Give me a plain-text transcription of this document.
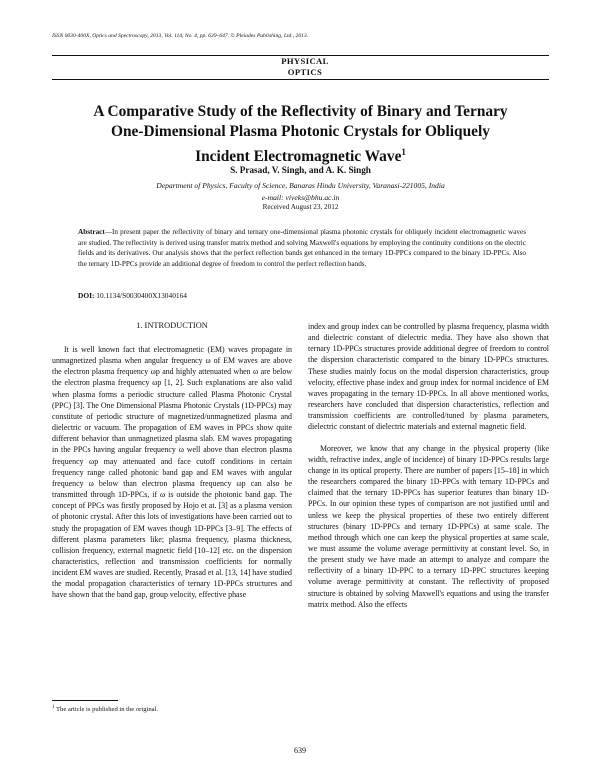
ISSN 0030-400X, Optics and Spectroscopy, 2013, Vol. 114, No. 4, pp. 639–647. © Pleiades Publishing, Ltd., 2013.
PHYSICAL
OPTICS
A Comparative Study of the Reflectivity of Binary and Ternary
One-Dimensional Plasma Photonic Crystals for Obliquely
Incident Electromagnetic Wave$^1$
S. Prasad, V. Singh, and A. K. Singh
Department of Physics, Faculty of Science, Banaras Hindu University, Varanasi-221005, India
e-mail: viveks@bhu.ac.in
Received August 23, 2012
Abstract—In present paper the reflectivity of binary and ternary one-dimensional plasma photonic crystals for obliquely incident electromagnetic waves are studied. The reflectivity is derived using transfer matrix method and solving Maxwell's equations by employing the continuity conditions on the electric fields and its derivatives. Our analysis shows that the perfect reflection bands get enhanced in the ternary 1D-PPCs compared to the binary 1D-PPCs. Also the ternary 1D-PPCs provide an additional degree of freedom to control the perfect reflection bands.
DOI: 10.1134/S0030400X13040164
1. INTRODUCTION

It is well known fact that electromagnetic (EM) waves propagate in unmagnetized plasma when angular frequency ω of EM waves are above the electron plasma frequency ωp and highly attenuated when ω are below the electron plasma frequency ωp [1, 2]. Such explanations are also valid when plasma forms a periodic structure called Plasma Photonic Crystal (PPC) [3]. The One Dimensional Plasma Photonic Crystals (1D-PPCs) may constitute of periodic structure of magnetized/unmagnetized plasma and dielectric or vacuum. The propagation of EM waves in PPCs show quite different behavior than unmagnetized plasma slab. EM waves propagating in the PPCs having angular frequency ω well above than electron plasma frequency ωp may attenuated and face cutoff conditions in certain frequency range called photonic band gap and EM waves with angular frequency ω below than electron plasma frequency ωp can also be transmitted through 1D-PPCs, if ω is outside the photonic band gap. The concept of PPCs was firstly proposed by Hojo et at. [3] as a plasma version of photonic crystal. After this lots of investigations have been carried out to study the propagation of EM waves though 1D-PPCs [3–9]. The effects of different plasma parameters like; plasma frequency, plasma thickness, collision frequency, external magnetic field [10–12] etc. on the dispersion characteristics, reflection and transmission coefficients for normally incident EM waves are studied. Recently, Prasad et al. [13, 14] have studied the modal propagation characteristics of ternary 1D-PPCs structures and have shown that the band gap, group velocity, effective phase

index and group index can be controlled by plasma frequency, plasma width and dielectric constant of dielectric media. They have also shown that ternary 1D-PPCs structures provide additional degree of freedom to control the dispersion characteristic compared to the binary 1D-PPCs structures. These studies mainly focus on the modal dispersion characteristics, group velocity, effective phase index and group index for normal incidence of EM waves propagating in the ternary 1D-PPCs. In all above mentioned works, researchers have concluded that dispersion characteristics, reflection and transmission coefficients are controlled/tuned by plasma parameters, dielectric constant of dielectric materials and external magnetic field.

Moreover, we know that any change in the physical property (like width, refractive index, angle of incidence) of binary 1D-PPCs results large change in its optical property. There are number of papers [15–18] in which the researchers compared the binary 1D-PPCs with ternary 1D-PPCs and claimed that the ternary 1D-PPCs has superior features than binary 1D-PPCs. In our opinion these types of comparison are not justified until and unless we keep the physical properties of these two entirely different structures (binary 1D-PPCs and ternary 1D-PPCs) at same scale. The method through which one can keep the physical properties at same scale, we must assume the volume average permittivity at constant level. So, in the present study we have made an attempt to analyze and compare the reflectivity of a binary 1D-PPC to a ternary 1D-PPC structures keeping volume average permittivity at constant. The reflectivity of proposed structure is obtained by solving Maxwell's equations and using the transfer matrix method. Also the effects

$^1$ The article is published in the original.
639
